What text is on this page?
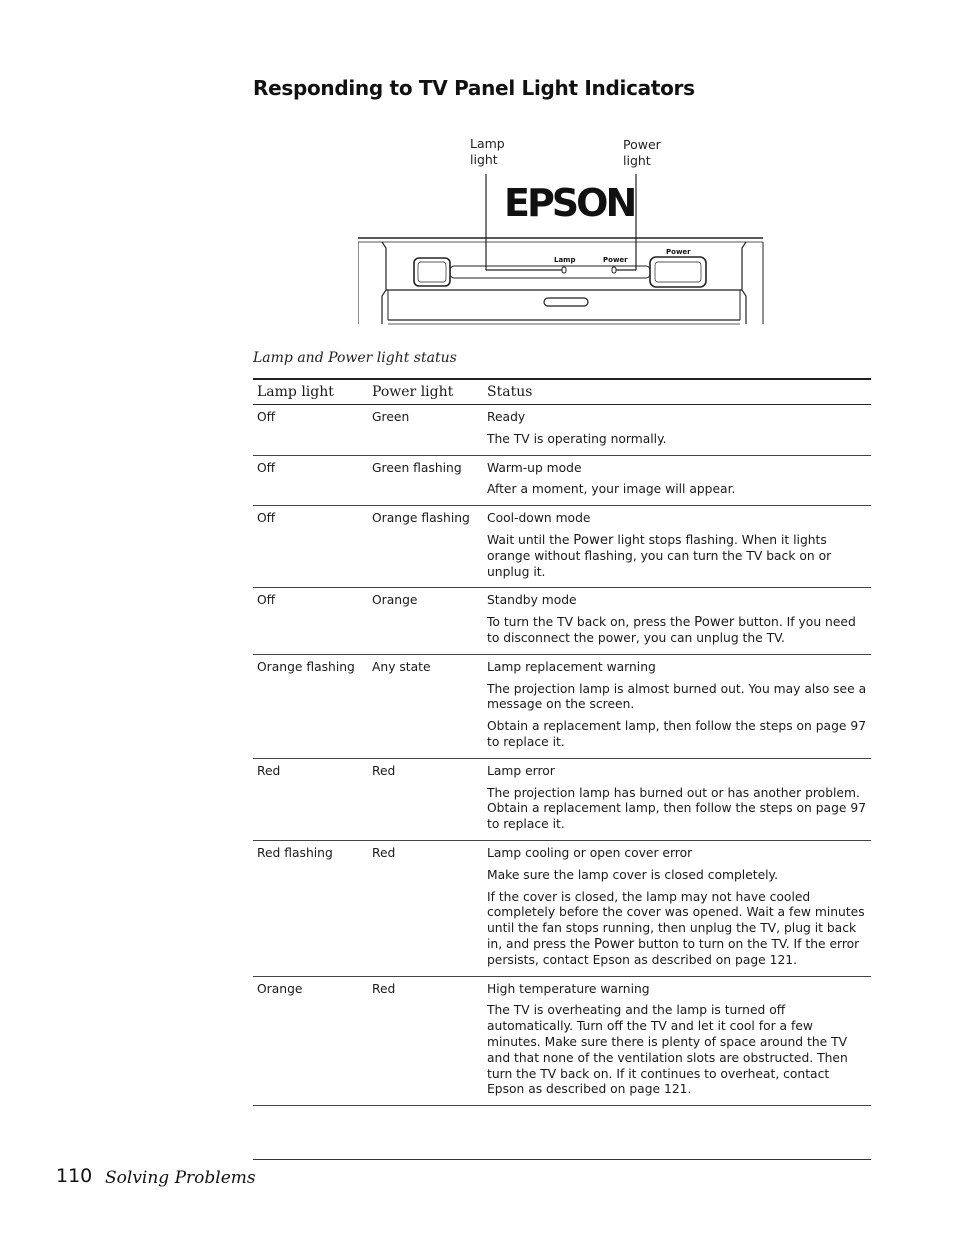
Responding to TV Panel Light Indicators
Lamp
light
Power
light
EPSON
Lamp	Power
Power
Lamp and Power light status
Lamp light	Power light	Status
Off	Green	Ready

The TV is operating normally.

Off	Green flashing	Warm-up mode

After a moment, your image will appear.

Off	Orange flashing	Cool-down mode

Wait until the Power light stops flashing. When it lights orange without flashing, you can turn the TV back on or unplug it.

Off	Orange	Standby mode

To turn the TV back on, press the Power button. If you need to disconnect the power, you can unplug the TV.

Orange flashing	Any state	Lamp replacement warning

The projection lamp is almost burned out. You may also see a message on the screen.

Obtain a replacement lamp, then follow the steps on page 97 to replace it.

Red	Red	Lamp error

The projection lamp has burned out or has another problem. Obtain a replacement lamp, then follow the steps on page 97 to replace it.

Red flashing	Red	Lamp cooling or open cover error

Make sure the lamp cover is closed completely.

If the cover is closed, the lamp may not have cooled completely before the cover was opened. Wait a few minutes until the fan stops running, then unplug the TV, plug it back in, and press the Power button to turn on the TV. If the error persists, contact Epson as described on page 121.

Orange	Red	High temperature warning

The TV is overheating and the lamp is turned off automatically. Turn off the TV and let it cool for a few minutes. Make sure there is plenty of space around the TV and that none of the ventilation slots are obstructed. Then turn the TV back on. If it continues to overheat, contact Epson as described on page 121.

110 Solving Problems
